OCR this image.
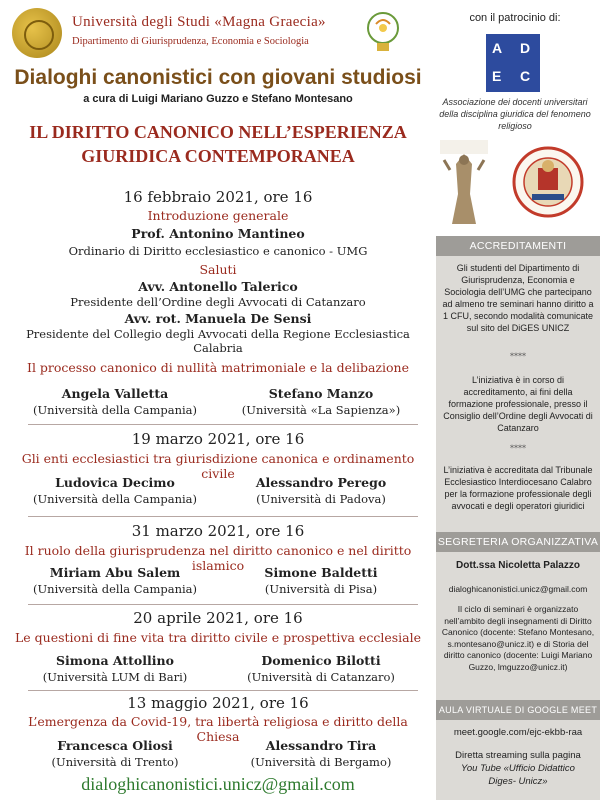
Università degli Studi «Magna Graecia»
Dipartimento di Giurisprudenza, Economia e Sociologia
Dialoghi canonistici con giovani studiosi
a cura di Luigi Mariano Guzzo e Stefano Montesano
IL DIRITTO CANONICO NELL’ESPERIENZA
GIURIDICA CONTEMPORANEA
con il patrocinio di:
A D
E C
Associazione dei docenti universitari della disciplina giuridica del fenomeno religioso
16 febbraio 2021, ore 16
Introduzione generale
Prof. Antonino Mantineo
Ordinario di Diritto ecclesiastico e canonico - UMG
Saluti
Avv. Antonello Talerico
Presidente dell’Ordine degli Avvocati di Catanzaro
Avv. rot. Manuela De Sensi
Presidente del Collegio degli Avvocati della Regione Ecclesiastica Calabria
Il processo canonico di nullità matrimoniale e la delibazione
Angela Valletta
(Università della Campania)
Stefano Manzo
(Università «La Sapienza»)
19 marzo 2021, ore 16
Gli enti ecclesiastici tra giurisdizione canonica e ordinamento civile
Ludovica Decimo
(Università della Campania)
Alessandro Perego
(Università di Padova)
31 marzo 2021, ore 16
Il ruolo della giurisprudenza nel diritto canonico e nel diritto islamico
Miriam Abu Salem
(Università della Campania)
Simone Baldetti
(Università di Pisa)
20 aprile 2021, ore 16
Le questioni di fine vita tra diritto civile e prospettiva ecclesiale
Simona Attollino
(Università LUM di Bari)
Domenico Bilotti
(Università di Catanzaro)
13 maggio 2021, ore 16
L’emergenza da Covid-19, tra libertà religiosa e diritto della Chiesa
Francesca Oliosi
(Università di Trento)
Alessandro Tira
(Università di Bergamo)
dialoghicanonistici.unicz@gmail.com
ACCREDITAMENTI
Gli studenti del Dipartimento di Giurisprudenza, Economia e Sociologia dell’UMG che partecipano ad almeno tre seminari hanno diritto a 1 CFU, secondo modalità comunicate sul sito del DiGES UNICZ
****
L’iniziativa è in corso di accreditamento, ai fini della formazione professionale, presso il Consiglio dell’Ordine degli Avvocati di Catanzaro
****
L’iniziativa è accreditata dal Tribunale Ecclesiastico Interdiocesano Calabro per la formazione professionale degli avvocati e degli operatori giuridici
SEGRETERIA ORGANIZZATIVA
Dott.ssa Nicoletta Palazzo
dialoghicanonistici.unicz@gmail.com
Il ciclo di seminari è organizzato nell’ambito degli insegnamenti di Diritto Canonico (docente: Stefano Montesano, s.montesano@unicz.it) e di Storia del diritto canonico (docente: Luigi Mariano Guzzo, lmguzzo@unicz.it)
AULA VIRTUALE DI GOOGLE MEET
meet.google.com/ejc-ekbb-raa
Diretta streaming sulla pagina
You Tube «Ufficio Didattico
Diges- Unicz»
